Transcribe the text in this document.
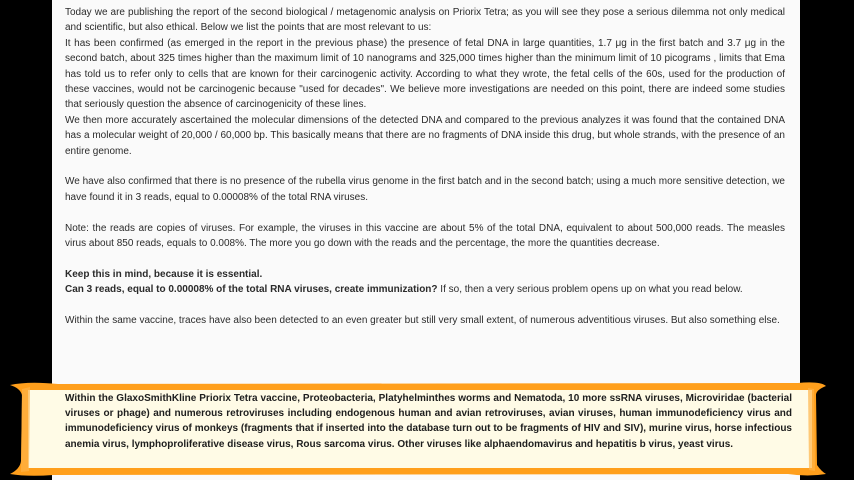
Today we are publishing the report of the second biological / metagenomic analysis on Priorix Tetra; as you will see they pose a serious dilemma not only medical and scientific, but also ethical. Below we list the points that are most relevant to us:

It has been confirmed (as emerged in the report in the previous phase) the presence of fetal DNA in large quantities, 1.7 μg in the first batch and 3.7 μg in the second batch, about 325 times higher than the maximum limit of 10 nanograms and 325,000 times higher than the minimum limit of 10 picograms , limits that Ema has told us to refer only to cells that are known for their carcinogenic activity. According to what they wrote, the fetal cells of the 60s, used for the production of these vaccines, would not be carcinogenic because "used for decades". We believe more investigations are needed on this point, there are indeed some studies that seriously question the absence of carcinogenicity of these lines.

We then more accurately ascertained the molecular dimensions of the detected DNA and compared to the previous analyzes it was found that the contained DNA has a molecular weight of 20,000 / 60,000 bp. This basically means that there are no fragments of DNA inside this drug, but whole strands, with the presence of an entire genome.

We have also confirmed that there is no presence of the rubella virus genome in the first batch and in the second batch; using a much more sensitive detection, we have found it in 3 reads, equal to 0.00008% of the total RNA viruses.

Note: the reads are copies of viruses. For example, the viruses in this vaccine are about 5% of the total DNA, equivalent to about 500,000 reads. The measles virus about 850 reads, equals to 0.008%. The more you go down with the reads and the percentage, the more the quantities decrease.

Keep this in mind, because it is essential.

Can 3 reads, equal to 0.00008% of the total RNA viruses, create immunization? If so, then a very serious problem opens up on what you read below.

Within the same vaccine, traces have also been detected to an even greater but still very small extent, of numerous adventitious viruses. But also something else.

Within the GlaxoSmithKline Priorix Tetra vaccine, Proteobacteria, Platyhelminthes worms and Nematoda, 10 more ssRNA viruses, Microviridae (bacterial viruses or phage) and numerous retroviruses including endogenous human and avian retroviruses, avian viruses, human immunodeficiency virus and immunodeficiency virus of monkeys (fragments that if inserted into the database turn out to be fragments of HIV and SIV), murine virus, horse infectious anemia virus, lymphoproliferative disease virus, Rous sarcoma virus. Other viruses like alphaendomavirus and hepatitis b virus, yeast virus.
